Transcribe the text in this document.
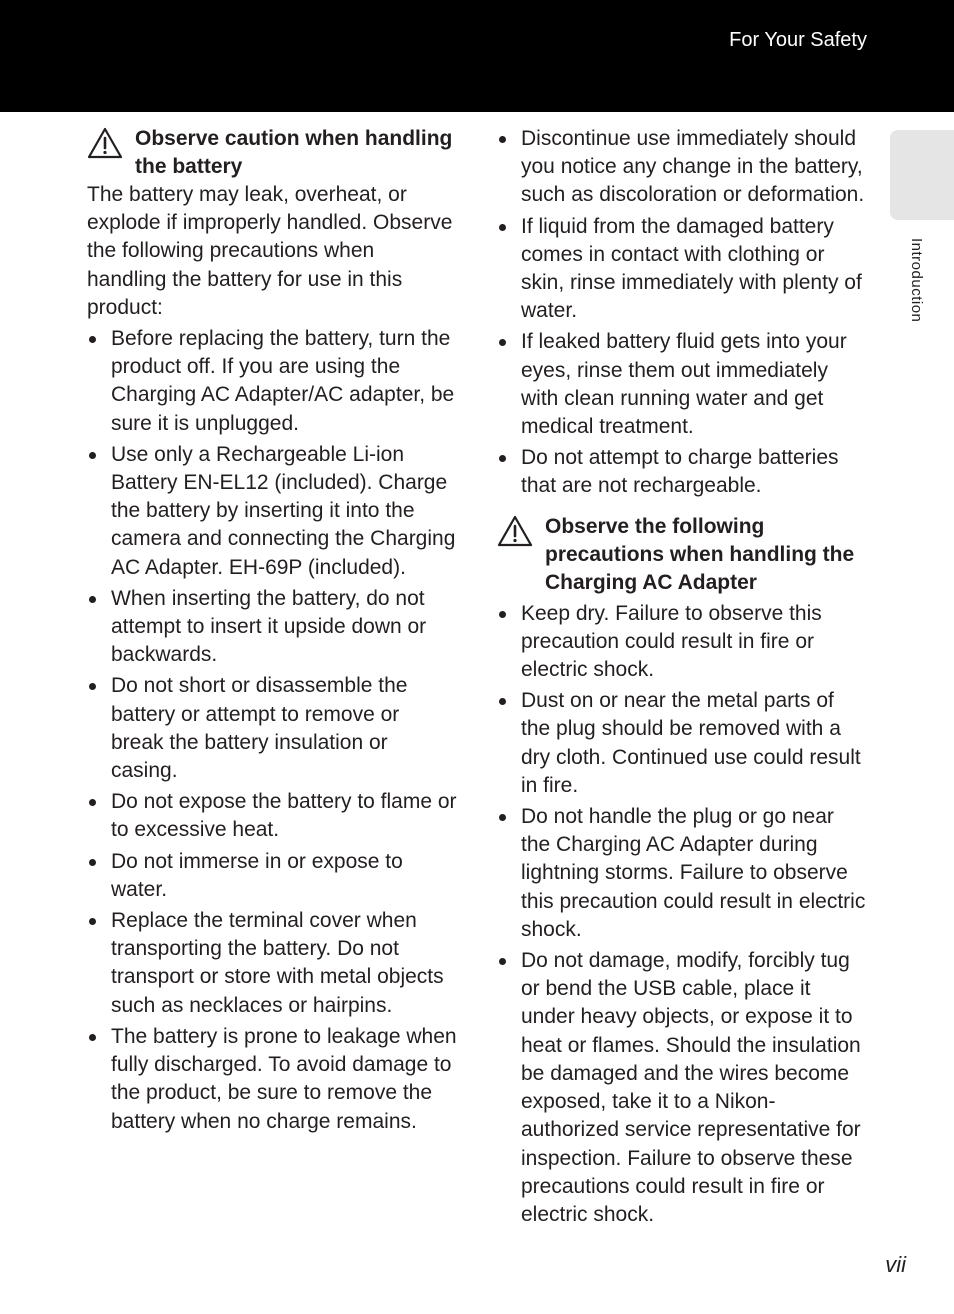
For Your Safety
Introduction
Observe caution when handling the battery

The battery may leak, overheat, or explode if improperly handled. Observe the following precautions when handling the battery for use in this product:

Before replacing the battery, turn the product off. If you are using the Charging AC Adapter/AC adapter, be sure it is unplugged.
Use only a Rechargeable Li-ion Battery EN-EL12 (included). Charge the battery by inserting it into the camera and connecting the Charging AC Adapter. EH-69P (included).
When inserting the battery, do not attempt to insert it upside down or backwards.
Do not short or disassemble the battery or attempt to remove or break the battery insulation or casing.
Do not expose the battery to flame or to excessive heat.
Do not immerse in or expose to water.
Replace the terminal cover when transporting the battery. Do not transport or store with metal objects such as necklaces or hairpins.
The battery is prone to leakage when fully discharged. To avoid damage to the product, be sure to remove the battery when no charge remains.
Discontinue use immediately should you notice any change in the battery, such as discoloration or deformation.
If liquid from the damaged battery comes in contact with clothing or skin, rinse immediately with plenty of water.
If leaked battery fluid gets into your eyes, rinse them out immediately with clean running water and get medical treatment.
Do not attempt to charge batteries that are not rechargeable.
Observe the following precautions when handling the Charging AC Adapter
Keep dry. Failure to observe this precaution could result in fire or electric shock.
Dust on or near the metal parts of the plug should be removed with a dry cloth. Continued use could result in fire.
Do not handle the plug or go near the Charging AC Adapter during lightning storms. Failure to observe this precaution could result in electric shock.
Do not damage, modify, forcibly tug or bend the USB cable, place it under heavy objects, or expose it to heat or flames. Should the insulation be damaged and the wires become exposed, take it to a Nikon-authorized service representative for inspection. Failure to observe these precautions could result in fire or electric shock.
vii
